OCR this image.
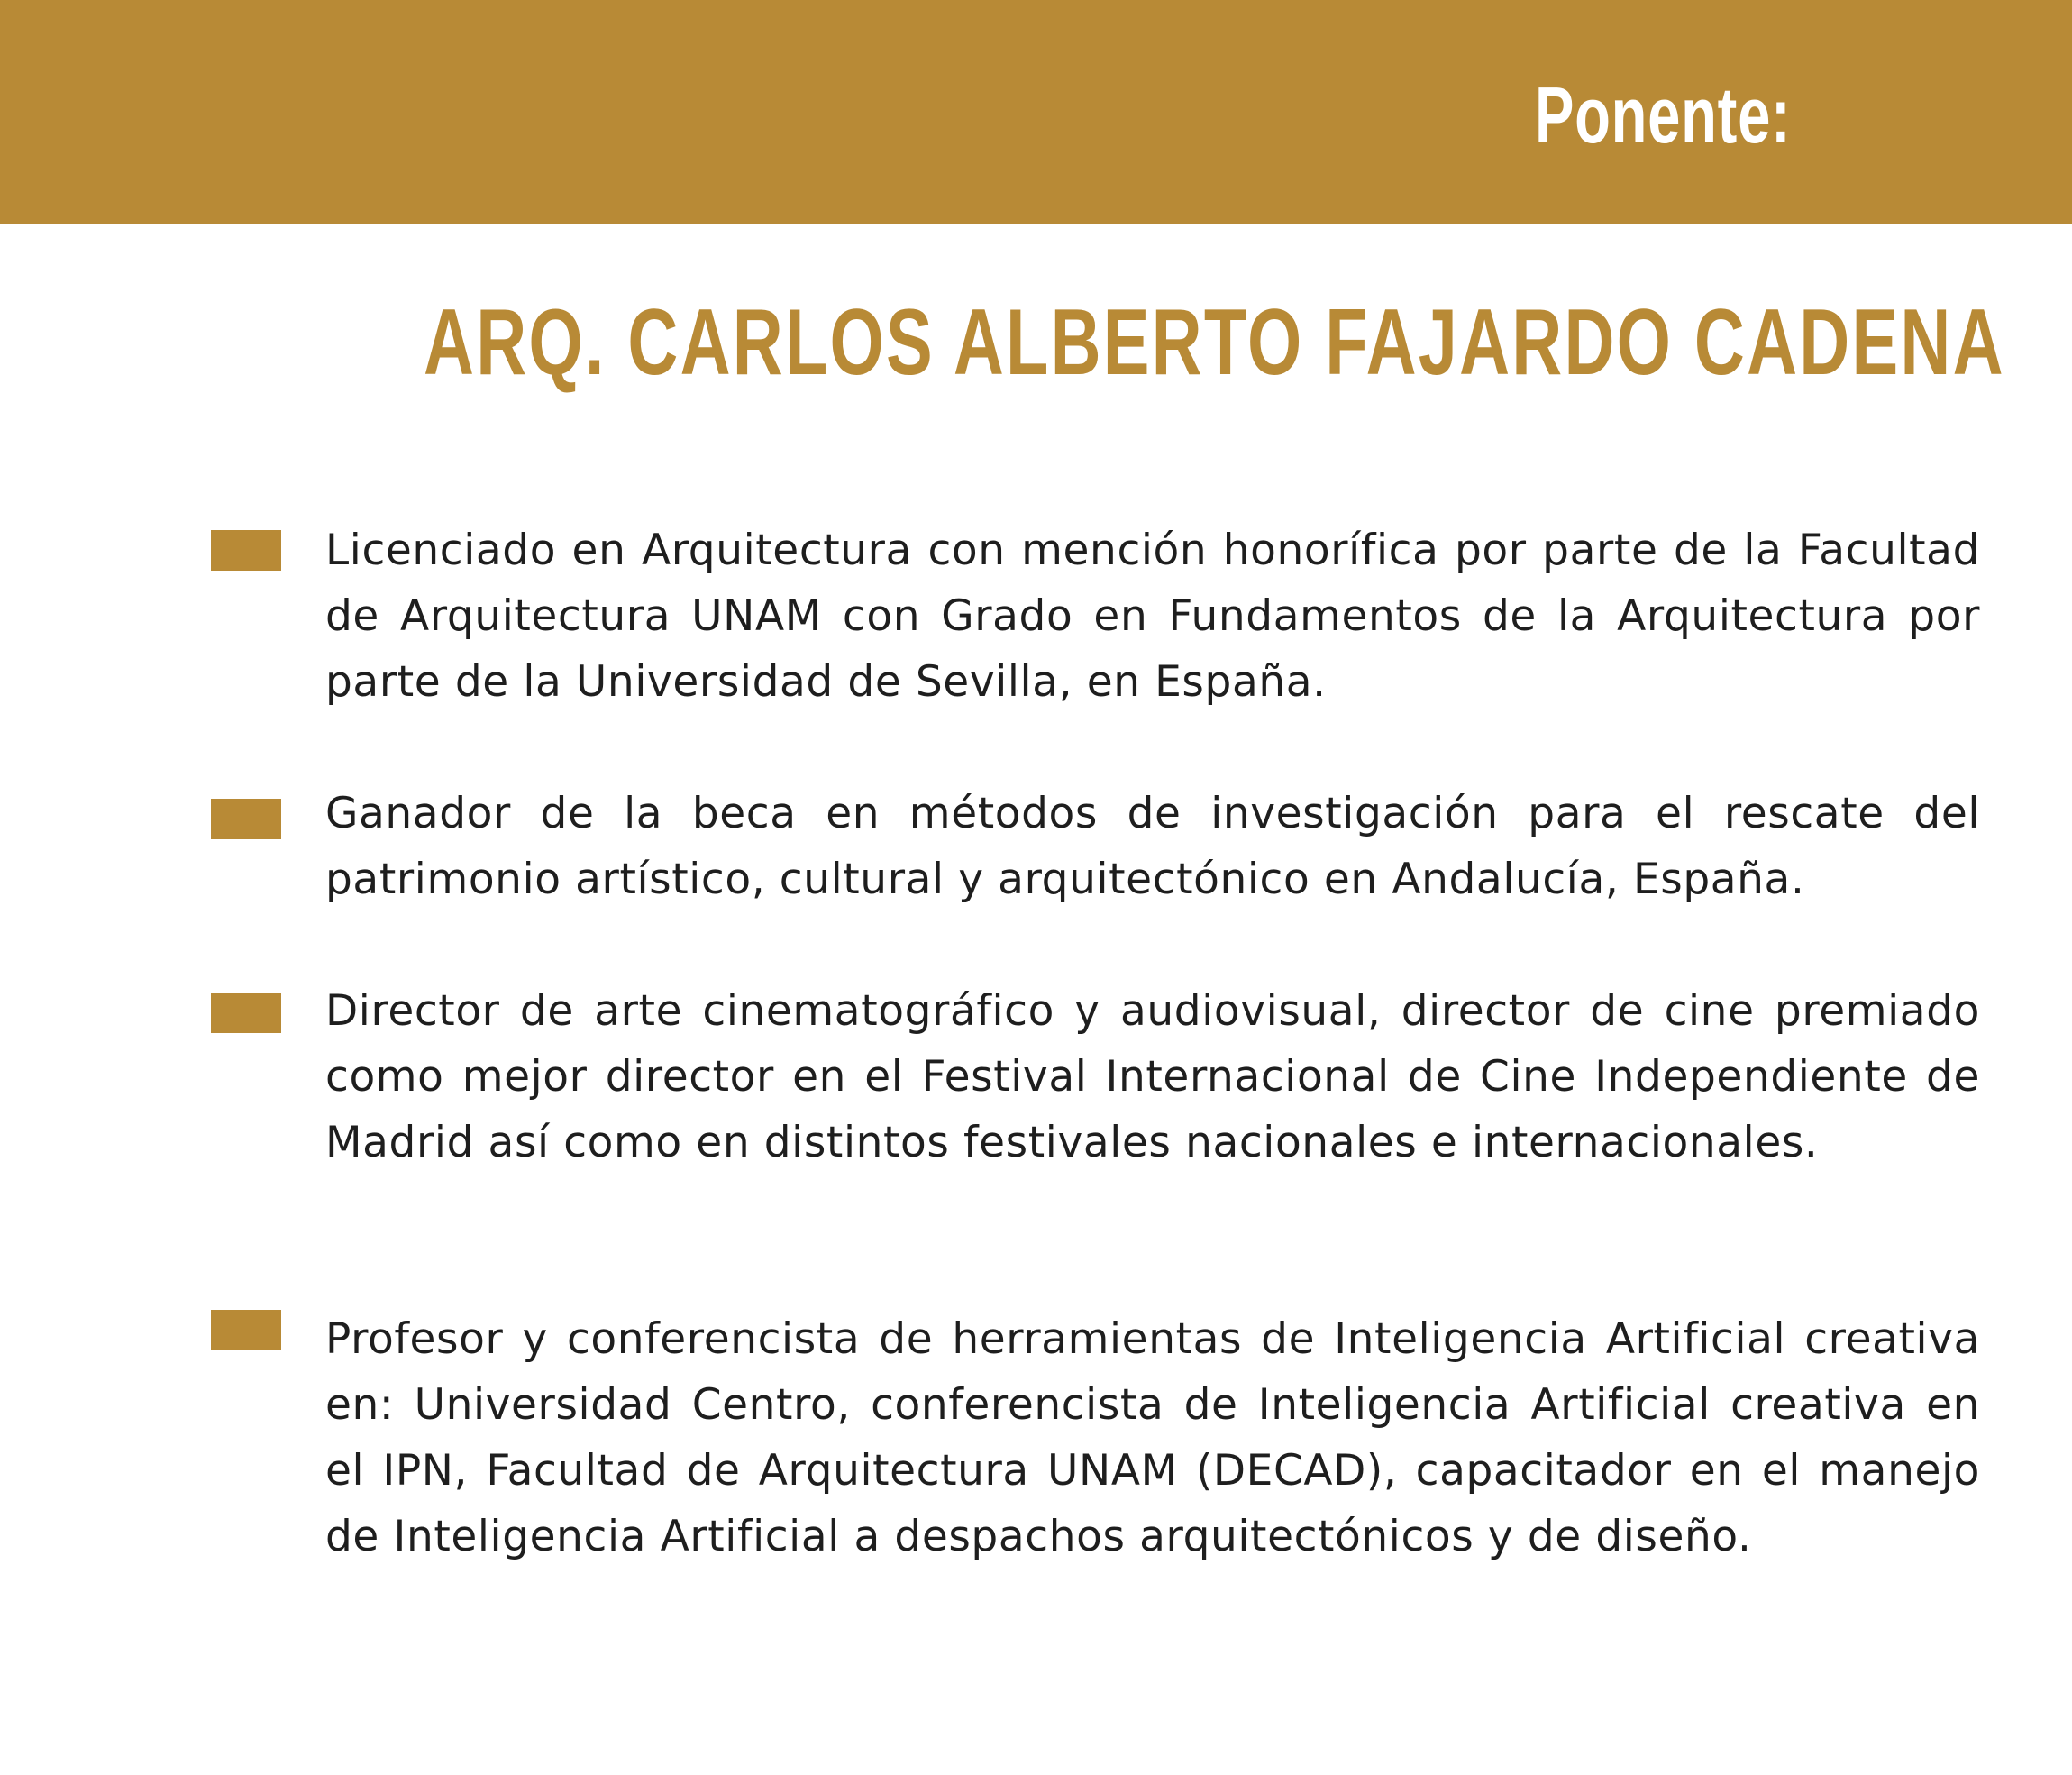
Ponente:
ARQ. CARLOS ALBERTO FAJARDO CADENA
Licenciado en Arquitectura con mención honorífica por parte de la Facultad de Arquitectura UNAM con Grado en Fundamentos de la Arquitectura por parte de la Universidad de Sevilla, en España.
Ganador de la beca en métodos de investigación para el rescate del patrimonio artístico, cultural y arquitectónico en Andalucía, España.
Director de arte cinematográfico y audiovisual, director de cine premiado como mejor director en el Festival Internacional de Cine Independiente de Madrid así como en distintos festivales nacionales e internacionales.
Profesor y conferencista de herramientas de Inteligencia Artificial creativa en: Universidad Centro, conferencista de Inteligencia Artificial creativa en el IPN, Facultad de Arquitectura UNAM (DECAD), capacitador en el manejo de Inteligencia Artificial a despachos arquitectónicos y de diseño.
